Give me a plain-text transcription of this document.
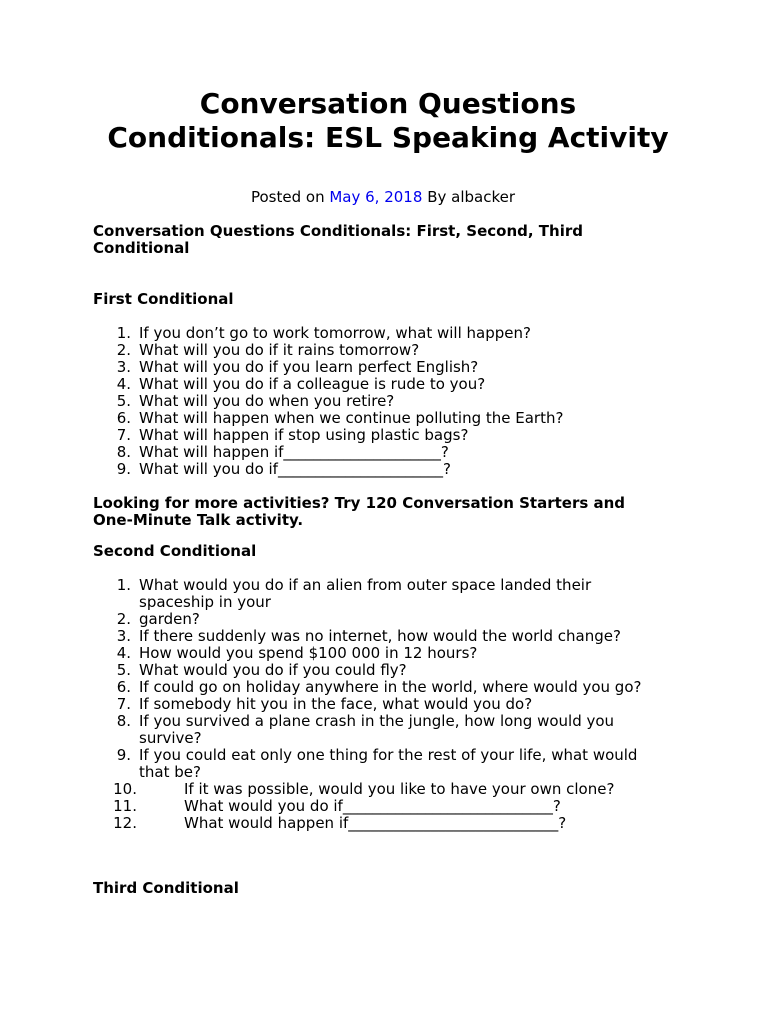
Conversation Questions Conditionals: ESL Speaking Activity
Posted on May 6, 2018 By albacker
Conversation Questions Conditionals: First, Second, Third Conditional
First Conditional
1. If you don’t go to work tomorrow, what will happen?
2. What will you do if it rains tomorrow?
3. What will you do if you learn perfect English?
4. What will you do if a colleague is rude to you?
5. What will you do when you retire?
6. What will happen when we continue polluting the Earth?
7. What will happen if stop using plastic bags?
8. What will happen if_____________________?
9. What will you do if______________________?
Looking for more activities? Try 120 Conversation Starters and One-Minute Talk activity.
Second Conditional
1. What would you do if an alien from outer space landed their spaceship in your
2. garden?
3. If there suddenly was no internet, how would the world change?
4. How would you spend $100 000 in 12 hours?
5. What would you do if you could fly?
6. If could go on holiday anywhere in the world, where would you go?
7. If somebody hit you in the face, what would you do?
8. If you survived a plane crash in the jungle, how long would you survive?
9. If you could eat only one thing for the rest of your life, what would that be?
10.	If it was possible, would you like to have your own clone?
11.	What would you do if____________________________?
12.	What would happen if____________________________?
Third Conditional
